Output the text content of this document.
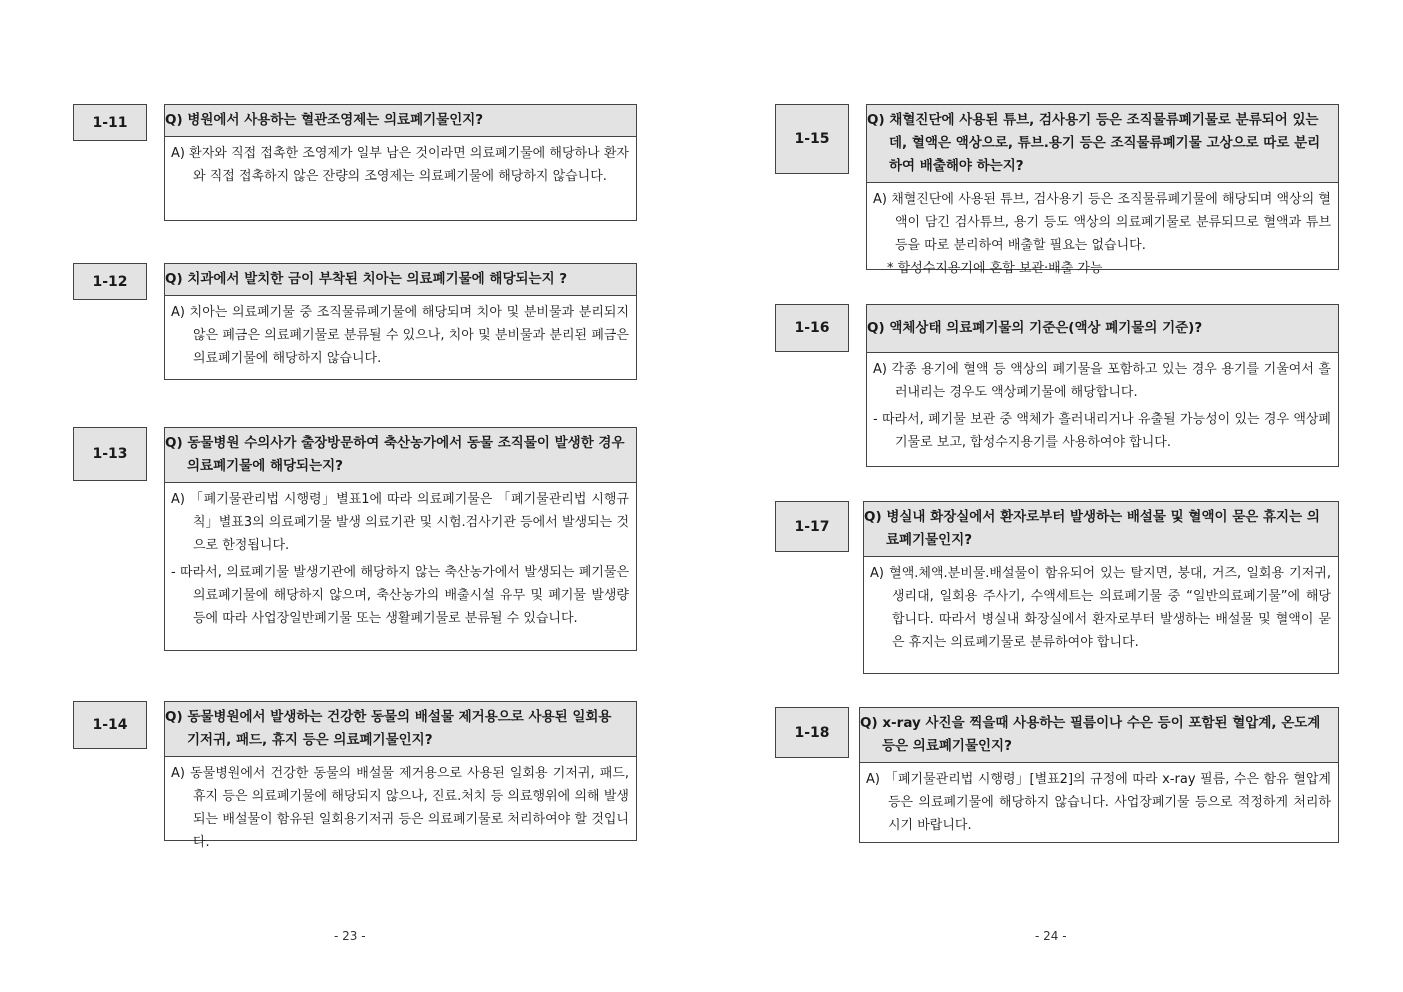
1-11	Q) 병원에서 사용하는 혈관조영제는 의료폐기물인지?
A) 환자와 직접 접촉한 조영제가 일부 남은 것이라면 의료폐기물에 해당하나 환자와 직접 접촉하지 않은 잔량의 조영제는 의료폐기물에 해당하지 않습니다.
1-12	Q) 치과에서 발치한 금이 부착된 치아는 의료폐기물에 해당되는지 ?
A) 치아는 의료폐기물 중 조직물류폐기물에 해당되며 치아 및 분비물과 분리되지 않은 폐금은 의료폐기물로 분류될 수 있으나, 치아 및 분비물과 분리된 폐금은 의료폐기물에 해당하지 않습니다.
1-13
Q) 동물병원 수의사가 출장방문하여 축산농가에서 동물 조직물이 발생한 경우 의료폐기물에 해당되는지?
A) 「폐기물관리법 시행령」별표1에 따라 의료폐기물은 「폐기물관리법 시행규칙」별표3의 의료폐기물 발생 의료기관 및 시험.검사기관 등에서 발생되는 것으로 한정됩니다.
- 따라서, 의료폐기물 발생기관에 해당하지 않는 축산농가에서 발생되는 폐기물은 의료폐기물에 해당하지 않으며, 축산농가의 배출시설 유무 및 폐기물 발생량 등에 따라 사업장일반폐기물 또는 생활폐기물로 분류될 수 있습니다.
1-14	Q) 동물병원에서 발생하는 건강한 동물의 배설물 제거용으로 사용된 일회용 기저귀, 패드, 휴지 등은 의료폐기물인지?
A) 동물병원에서 건강한 동물의 배설물 제거용으로 사용된 일회용 기저귀, 패드, 휴지 등은 의료폐기물에 해당되지 않으나, 진료.처치 등 의료행위에 의해 발생되는 배설물이 함유된 일회용기저귀 등은 의료폐기물로 처리하여야 할 것입니다.
- 23 -
1-15
Q) 채혈진단에 사용된 튜브, 검사용기 등은 조직물류폐기물로 분류되어 있는데, 혈액은 액상으로, 튜브.용기 등은 조직물류폐기물 고상으로 따로 분리하여 배출해야 하는지?
A) 채혈진단에 사용된 튜브, 검사용기 등은 조직물류폐기물에 해당되며 액상의 혈액이 담긴 검사튜브, 용기 등도 액상의 의료폐기물로 분류되므로 혈액과 튜브 등을 따로 분리하여 배출할 필요는 없습니다.
* 합성수지용기에 혼합 보관·배출 가능
1-16	Q) 액체상태 의료폐기물의 기준은(액상 폐기물의 기준)?
A) 각종 용기에 혈액 등 액상의 폐기물을 포함하고 있는 경우 용기를 기울여서 흘러내리는 경우도 액상폐기물에 해당합니다.
- 따라서, 폐기물 보관 중 액체가 흘러내리거나 유출될 가능성이 있는 경우 액상폐기물로 보고, 합성수지용기를 사용하여야 합니다.
1-17
Q) 병실내 화장실에서 환자로부터 발생하는 배설물 및 혈액이 묻은 휴지는 의료폐기물인지?
A) 혈액.체액.분비물.배설물이 함유되어 있는 탈지면, 붕대, 거즈, 일회용 기저귀, 생리대, 일회용 주사기, 수액세트는 의료폐기물 중 “일반의료폐기물”에 해당합니다. 따라서 병실내 화장실에서 환자로부터 발생하는 배설물 및 혈액이 묻은 휴지는 의료폐기물로 분류하여야 합니다.
1-18
Q) x-ray 사진을 찍을때 사용하는 필름이나 수은 등이 포함된 혈압계, 온도계 등은 의료폐기물인지?
A) 「폐기물관리법 시행령」[별표2]의 규정에 따라 x-ray 필름, 수은 함유 혈압계 등은 의료폐기물에 해당하지 않습니다. 사업장폐기물 등으로 적정하게 처리하시기 바랍니다.
- 24 -
